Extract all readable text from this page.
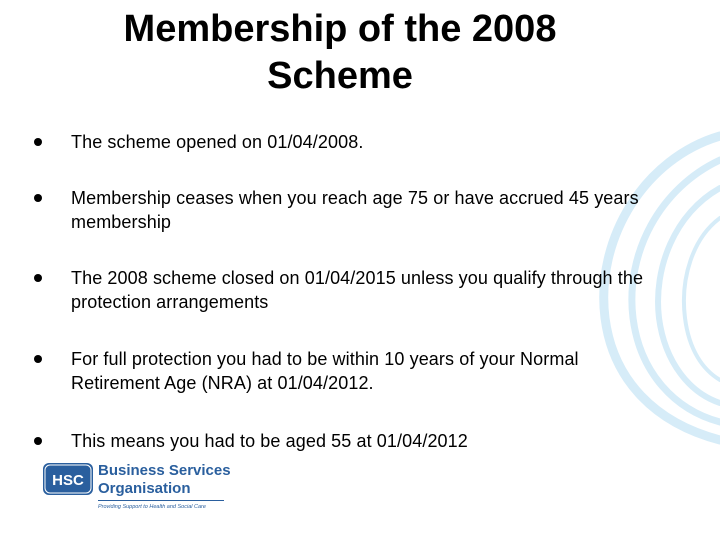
Membership of the 2008
Scheme
The scheme opened on 01/04/2008.
Membership ceases when you reach age 75 or have accrued 45 years
membership
The 2008 scheme closed on 01/04/2015 unless you qualify through the
protection arrangements
For full protection you had to be within 10 years of your Normal
Retirement Age (NRA) at 01/04/2012.
This means you had to be aged 55 at 01/04/2012
HSC
Business Services
Organisation
Providing Support to Health and Social Care
